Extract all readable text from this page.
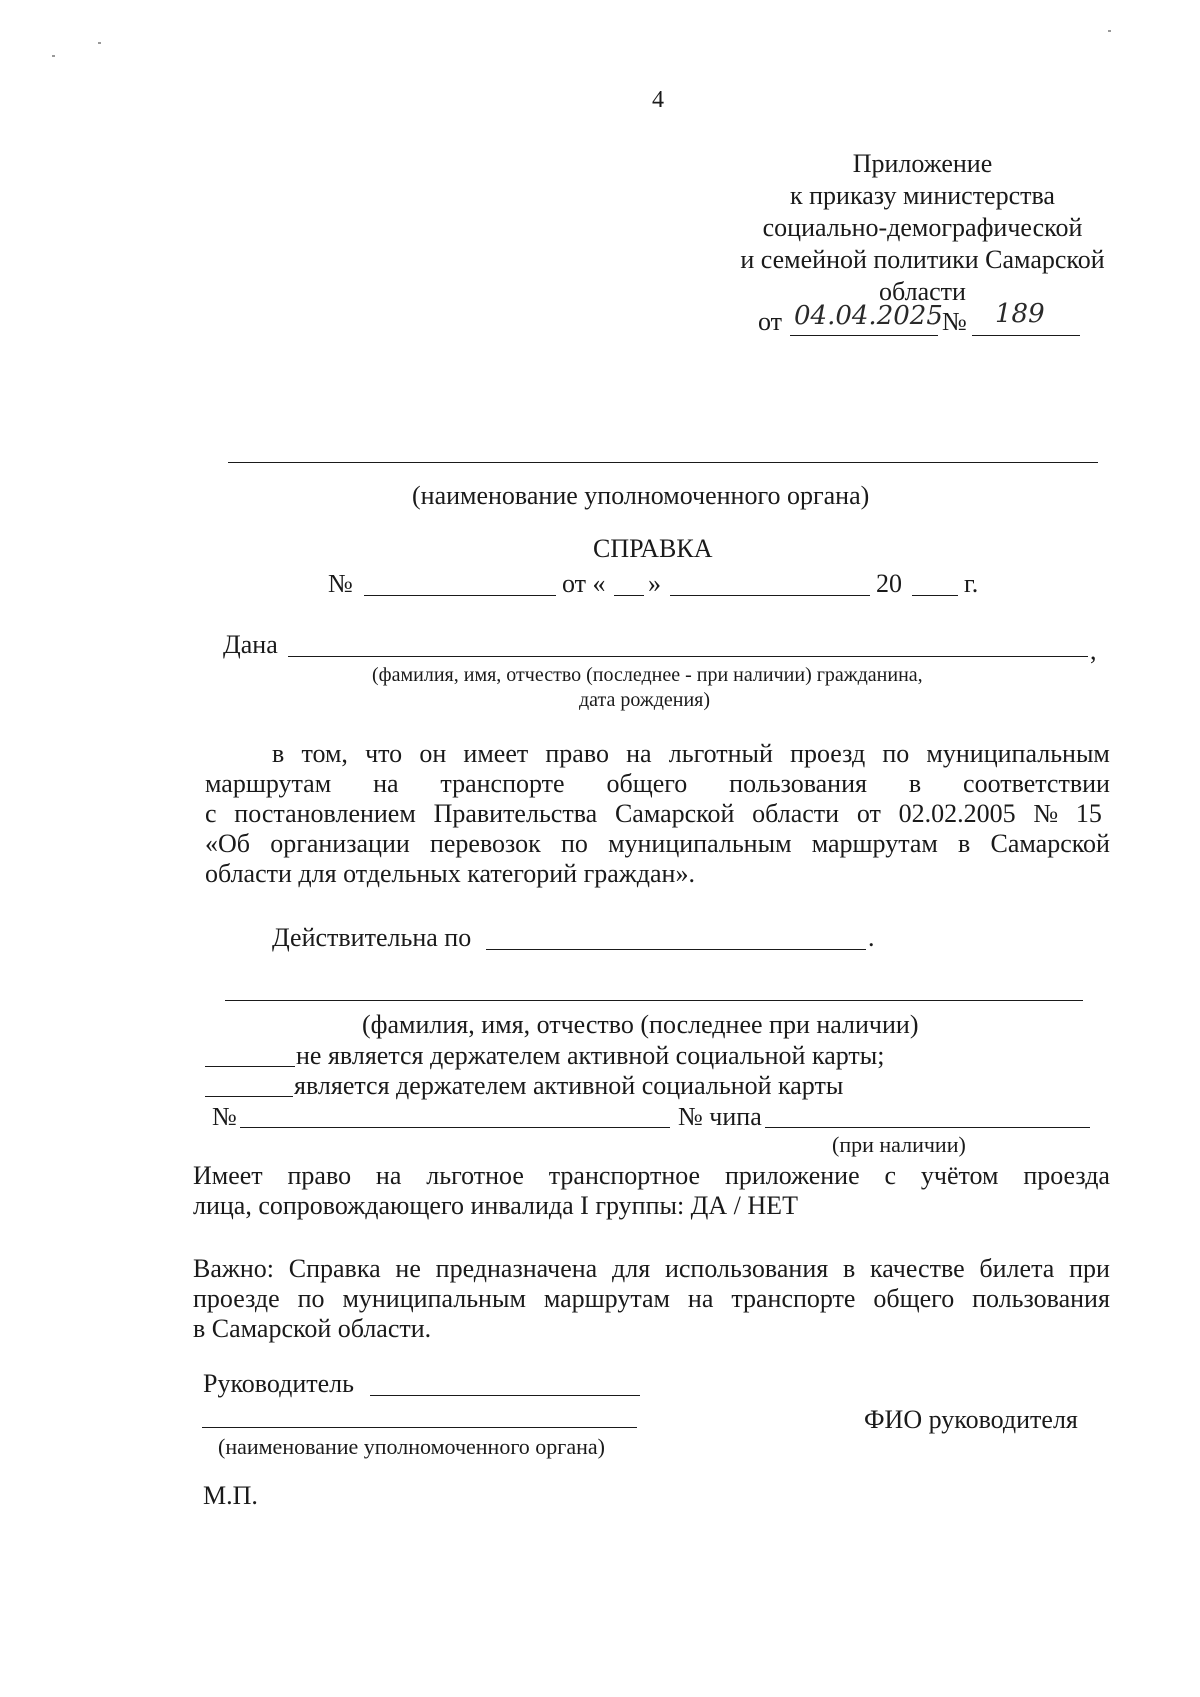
4
Приложение
к приказу министерства
социально-демографической
и семейной политики Самарской
области
от 04.04.2025 № 189
(наименование уполномоченного органа)
СПРАВКА
№	от « »	20 г.
Дана	,
(фамилия, имя, отчество (последнее - при наличии) гражданина,
дата рождения)
в том, что он имеет право на льготный проезд по муниципальным
маршрутам на транспорте общего пользования в соответствии
с постановлением Правительства Самарской области от 02.02.2005 № 15
«Об организации перевозок по муниципальным маршрутам в Самарской
области для отдельных категорий граждан».
Действительна по	.
(фамилия, имя, отчество (последнее при наличии)
не является держателем активной социальной карты;
является держателем активной социальной карты
№	№ чипа
(при наличии)
Имеет право на льготное транспортное приложение с учётом проезда
лица, сопровождающего инвалида I группы: ДА / НЕТ
Важно: Справка не предназначена для использования в качестве билета при
проезде по муниципальным маршрутам на транспорте общего пользования
в Самарской области.
Руководитель
ФИО руководителя
(наименование уполномоченного органа)
М.П.
